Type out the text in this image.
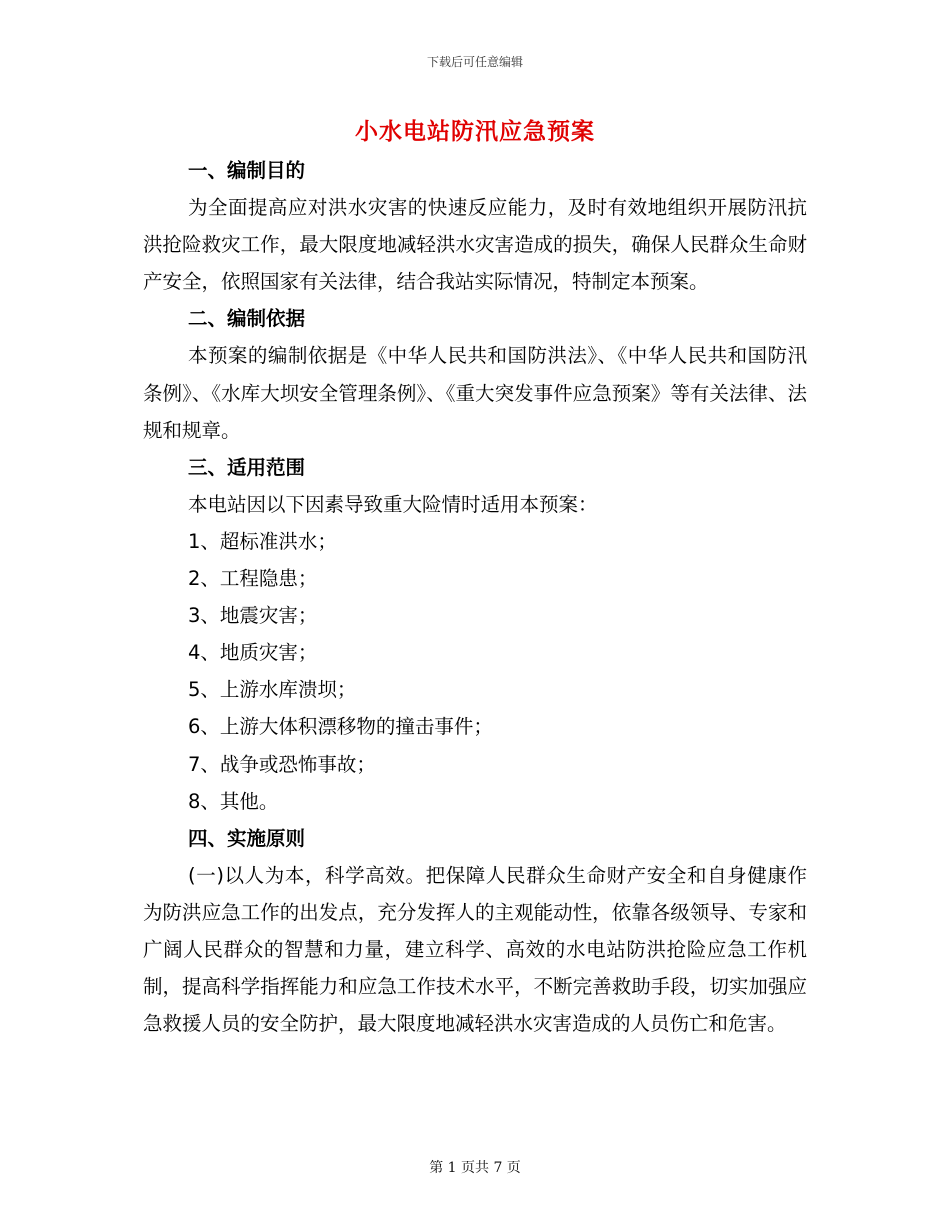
下载后可任意编辑
小水电站防汛应急预案
一、编制目的
为全面提高应对洪水灾害的快速反应能力，及时有效地组织开展防汛抗洪抢险救灾工作，最大限度地减轻洪水灾害造成的损失，确保人民群众生命财产安全，依照国家有关法律，结合我站实际情况，特制定本预案。
二、编制依据
本预案的编制依据是《中华人民共和国防洪法》、《中华人民共和国防汛条例》、《水库大坝安全管理条例》、《重大突发事件应急预案》等有关法律、法规和规章。
三、适用范围
本电站因以下因素导致重大险情时适用本预案：
1、超标准洪水；
2、工程隐患；
3、地震灾害；
4、地质灾害；
5、上游水库溃坝；
6、上游大体积漂移物的撞击事件；
7、战争或恐怖事故；
8、其他。
四、实施原则
(一)以人为本，科学高效。把保障人民群众生命财产安全和自身健康作为防洪应急工作的出发点，充分发挥人的主观能动性，依靠各级领导、专家和广阔人民群众的智慧和力量，建立科学、高效的水电站防洪抢险应急工作机制，提高科学指挥能力和应急工作技术水平，不断完善救助手段，切实加强应急救援人员的安全防护，最大限度地减轻洪水灾害造成的人员伤亡和危害。
第 1 页共 7 页
